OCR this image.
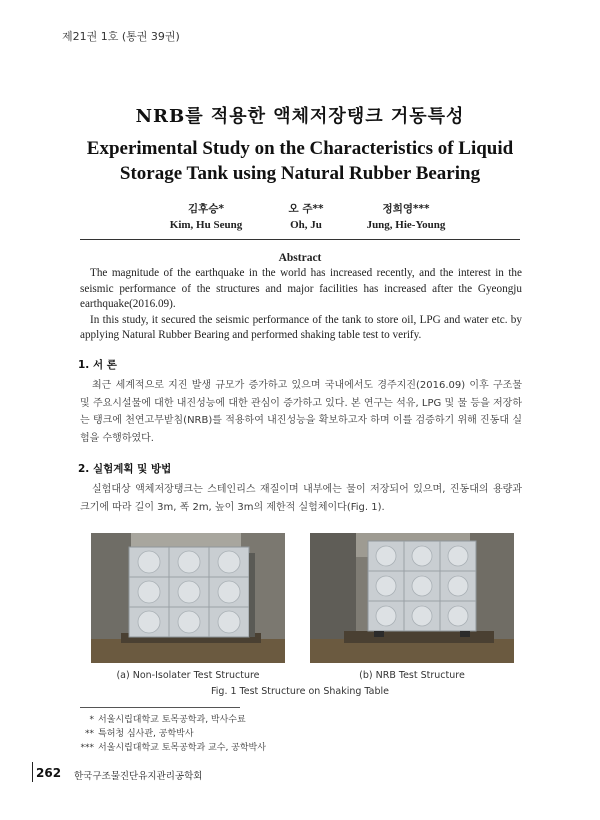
제21권 1호 (통권 39권)
NRB를 적용한 액체저장탱크 거동특성
Experimental Study on the Characteristics of Liquid Storage Tank using Natural Rubber Bearing
김후승*
Kim, Hu Seung
오 주**
Oh, Ju
정희영***
Jung, Hie-Young
Abstract

The magnitude of the earthquake in the world has increased recently, and the interest in the seismic performance of the structures and major facilities has increased after the Gyeongju earthquake(2016.09).

In this study, it secured the seismic performance of the tank to store oil, LPG and water etc. by applying Natural Rubber Bearing and performed shaking table test to verify.

1. 서 론
최근 세계적으로 지진 발생 규모가 증가하고 있으며 국내에서도 경주지진(2016.09) 이후 구조물 및 주요시설물에 대한 내진성능에 대한 관심이 증가하고 있다. 본 연구는 석유, LPG 및 물 등을 저장하는 탱크에 천연고무받침(NRB)를 적용하여 내진성능을 확보하고자 하며 이를 검증하기 위해 진동대 실험을 수행하였다.
2. 실험계획 및 방법
실험대상 액체저장탱크는 스테인리스 재질이며 내부에는 물이 저장되어 있으며, 진동대의 용량과 크기에 따라 길이 3m, 폭 2m, 높이 3m의 제한적 실험체이다(Fig. 1).
(a) Non-Isolater Test Structure	(b) NRB Test Structure
Fig. 1 Test Structure on Shaking Table
* 서울시립대학교 토목공학과, 박사수료
** 특허청 심사관, 공학박사
*** 서울시립대학교 토목공학과 교수, 공학박사
262 한국구조물진단유지관리공학회
